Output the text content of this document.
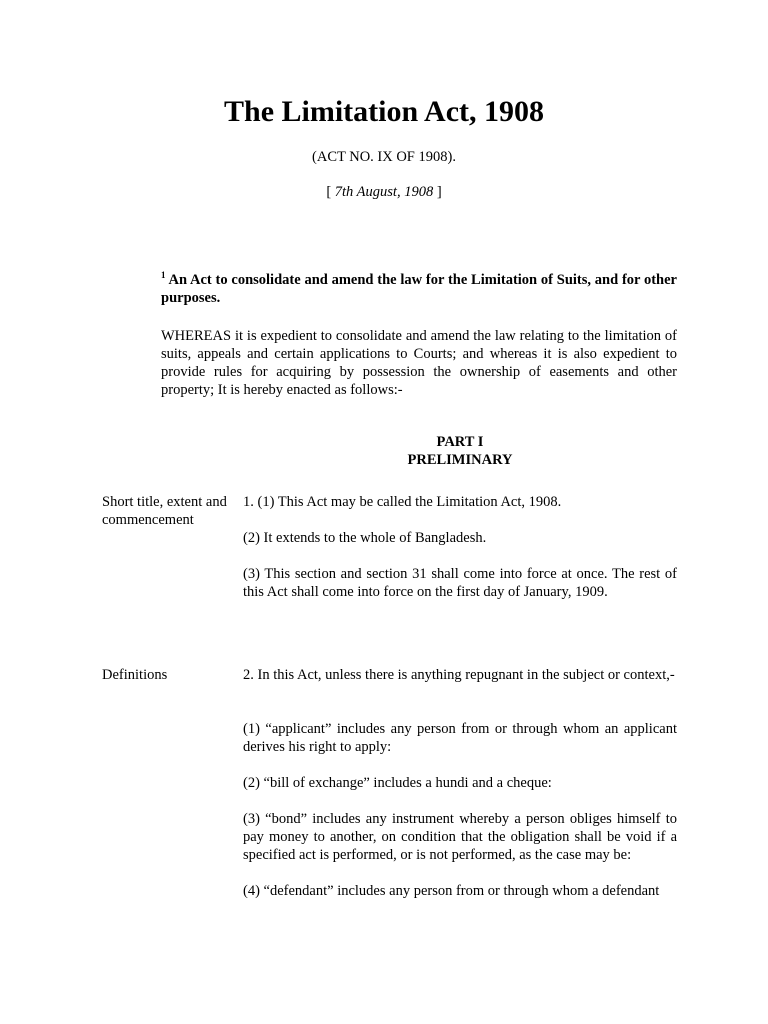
The Limitation Act, 1908
(ACT NO. IX OF 1908).
[ 7th August, 1908 ]
$^1$ An Act to consolidate and amend the law for the Limitation of Suits, and for other purposes.
WHEREAS it is expedient to consolidate and amend the law relating to the limitation of suits, appeals and certain applications to Courts; and whereas it is also expedient to provide rules for acquiring by possession the ownership of easements and other property; It is hereby enacted as follows:-
PART I
PRELIMINARY
Short title, extent and commencement
1. (1) This Act may be called the Limitation Act, 1908.
(2) It extends to the whole of Bangladesh.
(3) This section and section 31 shall come into force at once. The rest of this Act shall come into force on the first day of January, 1909.
Definitions	2. In this Act, unless there is anything repugnant in the subject or context,-
(1) “applicant” includes any person from or through whom an applicant derives his right to apply:
(2) “bill of exchange” includes a hundi and a cheque:
(3) “bond” includes any instrument whereby a person obliges himself to pay money to another, on condition that the obligation shall be void if a specified act is performed, or is not performed, as the case may be:
(4) “defendant” includes any person from or through whom a defendant
